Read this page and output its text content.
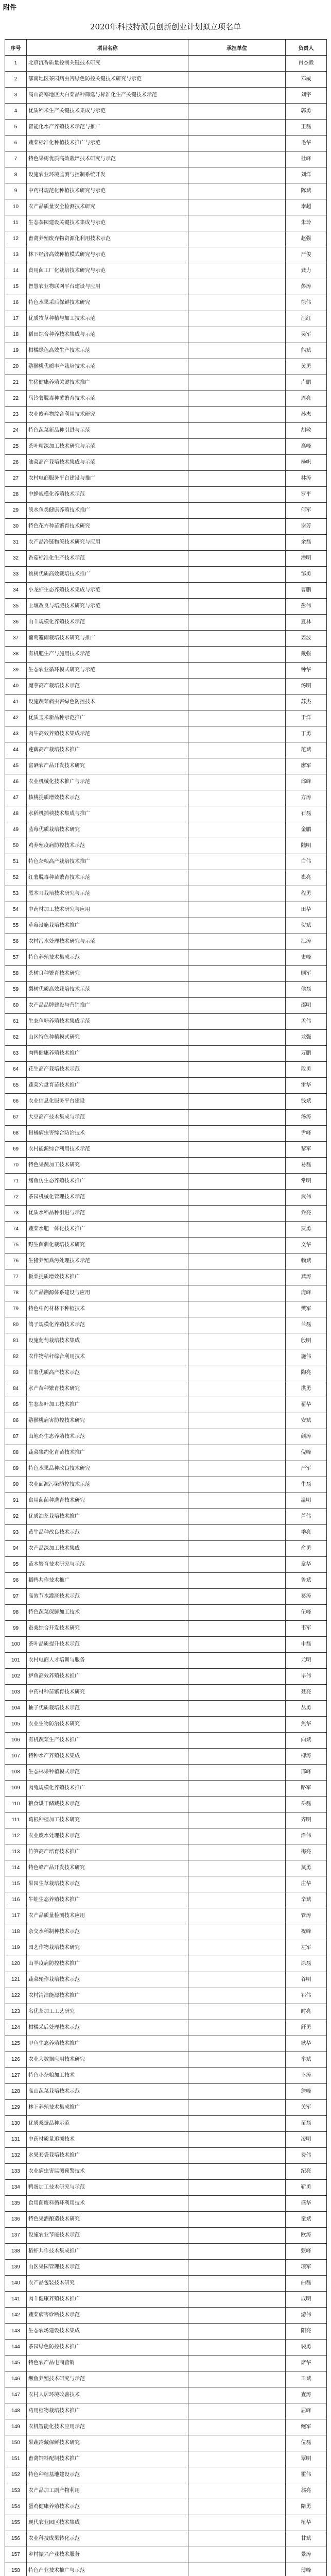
附件
2020年科技特派员创新创业计划拟立项名单
序号	项目名称	承担单位	负责人
1	北京沉香质量控制关键技术研究		肖杰毅
2	鄂南地区茶园病虫害绿色防控关键技术研究与示范		邓威
3	高山高寒地区大白菜品种筛选与标准化生产关键技术示范		刘宇
4	优质稻米生产关键技术集成与示范		郭勇
5	智能化水产养殖技术示范与推广		王磊
6	蔬菜标准化种植技术推广与示范		毛华
7	特色果树优质高效栽培技术研究与示范		杜峰
8	设施农业环境监测与控制系统开发		刘洋
9	中药材规范化种植技术研究与示范		陈斌
10	农产品质量安全检测技术研究		李超
11	生态茶园建设关键技术集成与示范		朱玲
12	畜禽养殖废弃物资源化利用技术示范		赵强
13	林下经济高效种植模式研究与示范		严俊
14	食用菌工厂化栽培技术研究与示范		龚力
15	智慧农业物联网平台建设与应用		彭涛
16	特色水果采后保鲜技术研究		徐伟
17	优质牧草种植与加工技术示范		汪红
18	稻田综合种养技术集成与示范		吴军
19	柑橘绿色高效生产技术示范		熊斌
20	猕猴桃优质丰产栽培技术示范		黄勇
21	生猪健康养殖关键技术推广		卢鹏
22	马铃薯脱毒种薯繁育技术示范		周亮
23	农业废弃物综合利用技术研究		孙杰
24	特色蔬菜新品种引进与示范		胡敏
25	茶叶精深加工技术研究与示范		高峰
26	油菜高产栽培技术集成与示范		杨帆
27	农村电商服务平台建设与推广		林涛
28	中蜂规模化养殖技术示范		罗平
29	淡水鱼类健康养殖技术推广		何军
30	特色花卉种苗繁育技术研究		谢芳
31	农产品冷链物流技术研究与应用		余磊
32	香菇标准化生产技术示范		潘明
33	桃树优质高效栽培技术推广		邹勇
34	小龙虾生态养殖技术集成与示范		曹鹏
35	土壤改良与培肥技术研究与示范		彭伟
36	山羊规模化养殖技术示范		夏林
37	葡萄避雨栽培技术研究与推广		姜波
38	有机肥生产与施用技术示范		戴强
39	生态农业循环模式研究与示范		钟华
40	魔芋高产栽培技术示范		汤明
41	设施蔬菜病虫害绿色防控技术		苏杰
42	优质玉米新品种示范推广		于洋
43	肉牛高效养殖技术集成示范		丁勇
44	莲藕高产栽培技术推广		范斌
45	富硒农产品开发技术研究		廖军
46	农业机械化技术推广与示范		邱峰
47	核桃提质增效技术示范		方涛
48	水稻机插秧技术集成与推广		石磊
49	蓝莓优质栽培技术研究		金鹏
50	鸡养殖疫病防控技术示范		陆明
51	特色杂粮高产栽培技术推广		白伟
52	红薯脱毒种苗繁育技术示范		崔亮
53	黑木耳栽培技术研究与示范		程勇
54	中药材加工技术研究与应用		田华
55	草莓设施栽培技术推广		贺斌
56	农村污水处理技术研究与示范		江涛
57	特色养殖技术集成示范		史峰
58	茶树良种繁育技术研究		顾军
59	梨树优质高效栽培技术示范		侯磊
60	农产品品牌建设与营销推广		邵明
61	生态鱼塘养殖技术集成示范		孟伟
62	山区特色种植模式研究		龙强
63	肉鸭健康养殖技术推广		万鹏
64	花生高产栽培技术示范		段勇
65	蔬菜穴盘育苗技术推广		雷华
66	农业信息化服务平台建设		钱斌
67	大豆高产技术集成与示范		汤涛
68	柑橘病虫害综合防治技术		尹峰
69	农村能源综合利用技术示范		黎军
70	特色果蔬加工技术研究		易磊
71	鳝鱼仿生态养殖技术推广		常明
72	茶园机械化管理技术示范		武伟
73	优质水稻品种引进与示范		乔亮
74	蔬菜水肥一体化技术推广		贾勇
75	野生菌驯化栽培技术研究		文华
76	生猪养殖粪污处理技术示范		赖斌
77	板栗提质增效技术推广		龚涛
78	农产品溯源体系建设与应用		庞峰
79	特色中药材林下种植技术		樊军
80	鸽子规模化养殖技术示范		兰磊
81	设施葡萄栽培技术集成		殷明
82	农作物秸秆综合利用技术		施伟
83	甘薯优质高产技术示范		陶亮
84	水产苗种繁育技术研究		洪勇
85	生态茶叶加工技术推广		翟华
86	猕猴桃病害防控技术研究		安斌
87	山地鸡生态养殖技术示范		颜涛
88	蔬菜集约化育苗技术推广		倪峰
89	特色水果品种改良技术研究		严军
90	农业面源污染防控技术示范		牛磊
91	食用菌菌种选育技术研究		温明
92	优质油茶栽培技术推广		芦伟
93	黄牛品种改良技术示范		季亮
94	农产品深加工技术集成		俞勇
95	苗木繁育技术研究与示范		章华
96	稻鸭共作技术推广		鲁斌
97	高效节水灌溉技术示范		葛涛
98	特色蔬菜保鲜加工技术		伍峰
99	蚕桑综合开发技术研究		韦军
100	茶叶品质提升技术示范		申磊
101	农村电商人才培训与服务		尤明
102	鲈鱼高效养殖技术推广		毕伟
103	中药材种苗繁育技术研究		聂亮
104	柚子优质栽培技术示范		丛勇
105	农业生物防治技术研究		焦华
106	有机蔬菜生产技术推广		向斌
107	特种水产养殖技术集成		柳涛
108	生态林果种植模式示范		邢峰
109	肉兔规模化养殖技术推广		路军
110	粮食烘干储藏技术示范		岳磊
111	葛根种植加工技术研究		齐明
112	农业废水处理技术示范		沿伟
113	竹笋高产培育技术推广		梅亮
114	特色蜂产品开发技术研究		莫勇
115	果园生草栽培技术示范		庄华
116	牛蛙生态养殖技术推广		辛斌
117	农产品质量检测技术应用		管涛
118	杂交水稻制种技术示范		祝峰
119	园艺作物栽培技术研究		左军
120	山羊疫病防控技术推广		涂磊
121	蔬菜轮作栽培技术示范		谷明
122	农村清洁能源技术推广		祁伟
123	名优茶加工工艺研究		时亮
124	柑橘采后处理技术示范		舒勇
125	甲鱼生态养殖技术推广		耿华
126	农业大数据应用技术研究		牟斌
127	特色小杂粮加工技术		卜涛
128	高山蔬菜栽培技术示范		詹峰
129	林下养殖技术集成推广		关军
130	优质桑蚕品种示范		苗磊
131	中药材质量追溯技术		凌明
132	水果套袋栽培技术推广		费伟
133	农业病虫害监测预警技术		纪亮
134	鸭蛋加工技术研究与示范		靳勇
135	食用菌废料循环利用技术		盛华
136	特色果酒酿造技术研究		童斌
137	设施农业节能技术示范		欧涛
138	稻虾共作技术集成推广		甄峰
139	山区果园管理技术示范		项军
140	农产品包装技术研究		曲磊
141	肉羊健康养殖技术推广		成明
142	蔬菜病害诊断技术示范		游伟
143	生态农场建设技术集成		阳亮
144	茶园绿色防控技术推广		裴勇
145	特色农产品电商营销		席华
146	鳜鱼养殖技术研究与示范		卫斌
147	农村人居环境改善技术		查涛
148	药用植物栽培技术推广		屈峰
149	农机智能化技术应用示范		鲍军
150	果蔬冷藏保鲜技术研究		位磊
151	畜禽饲料配制技术推广		覃明
152	特色种植基地建设示范		霍伟
153	农产品加工副产物利用		翁亮
154	蛋鸡健康养殖技术示范		隋勇
155	现代农业园区技术集成		植华
156	农业科技成果转化示范		甘斌
157	乡村振兴产业技术服务		景涛
158	特色产业技术推广与示范		薄峰
